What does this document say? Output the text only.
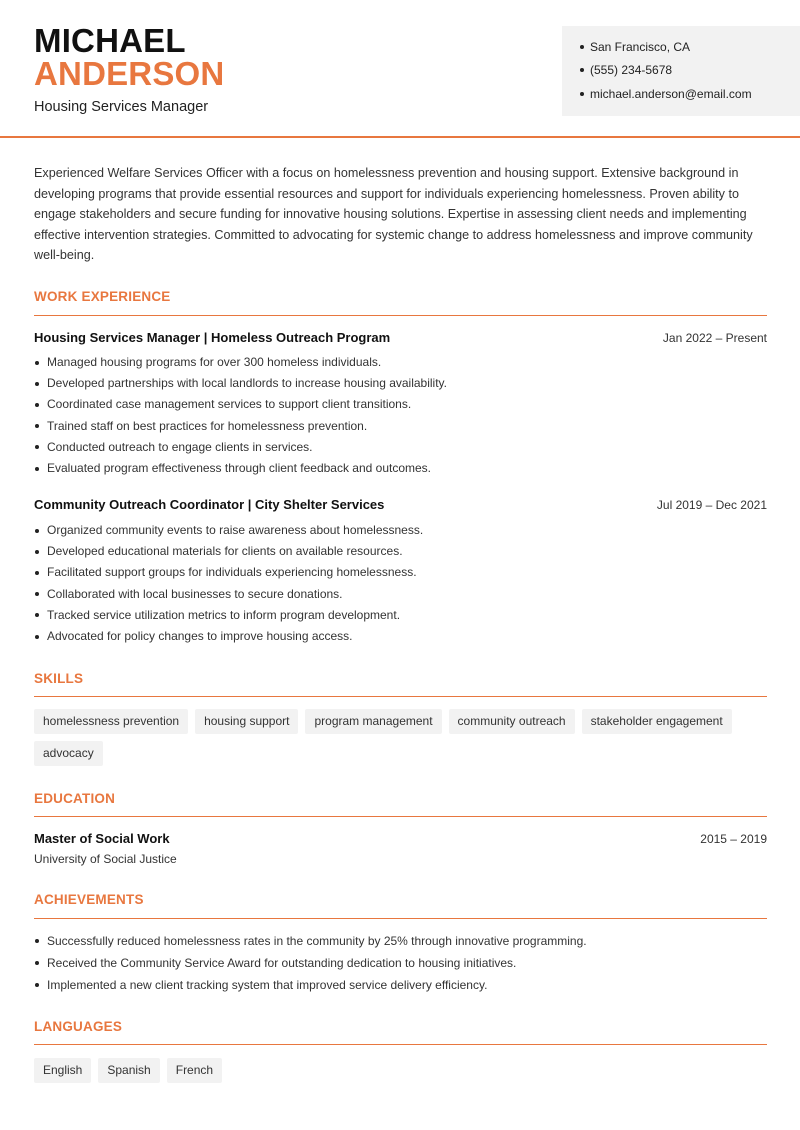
MICHAEL
ANDERSON
Housing Services Manager
San Francisco, CA
(555) 234-5678
michael.anderson@email.com
Experienced Welfare Services Officer with a focus on homelessness prevention and housing support. Extensive background in developing programs that provide essential resources and support for individuals experiencing homelessness. Proven ability to engage stakeholders and secure funding for innovative housing solutions. Expertise in assessing client needs and implementing effective intervention strategies. Committed to advocating for systemic change to address homelessness and improve community well-being.
WORK EXPERIENCE
Housing Services Manager | Homeless Outreach Program	Jan 2022 – Present
Managed housing programs for over 300 homeless individuals.
Developed partnerships with local landlords to increase housing availability.
Coordinated case management services to support client transitions.
Trained staff on best practices for homelessness prevention.
Conducted outreach to engage clients in services.
Evaluated program effectiveness through client feedback and outcomes.
Community Outreach Coordinator | City Shelter Services	Jul 2019 – Dec 2021
Organized community events to raise awareness about homelessness.
Developed educational materials for clients on available resources.
Facilitated support groups for individuals experiencing homelessness.
Collaborated with local businesses to secure donations.
Tracked service utilization metrics to inform program development.
Advocated for policy changes to improve housing access.
SKILLS
homelessness prevention	housing support	program management	community outreach	stakeholder engagement
advocacy
EDUCATION
Master of Social Work	2015 – 2019
University of Social Justice
ACHIEVEMENTS
Successfully reduced homelessness rates in the community by 25% through innovative programming.
Received the Community Service Award for outstanding dedication to housing initiatives.
Implemented a new client tracking system that improved service delivery efficiency.
LANGUAGES
English	Spanish	French
